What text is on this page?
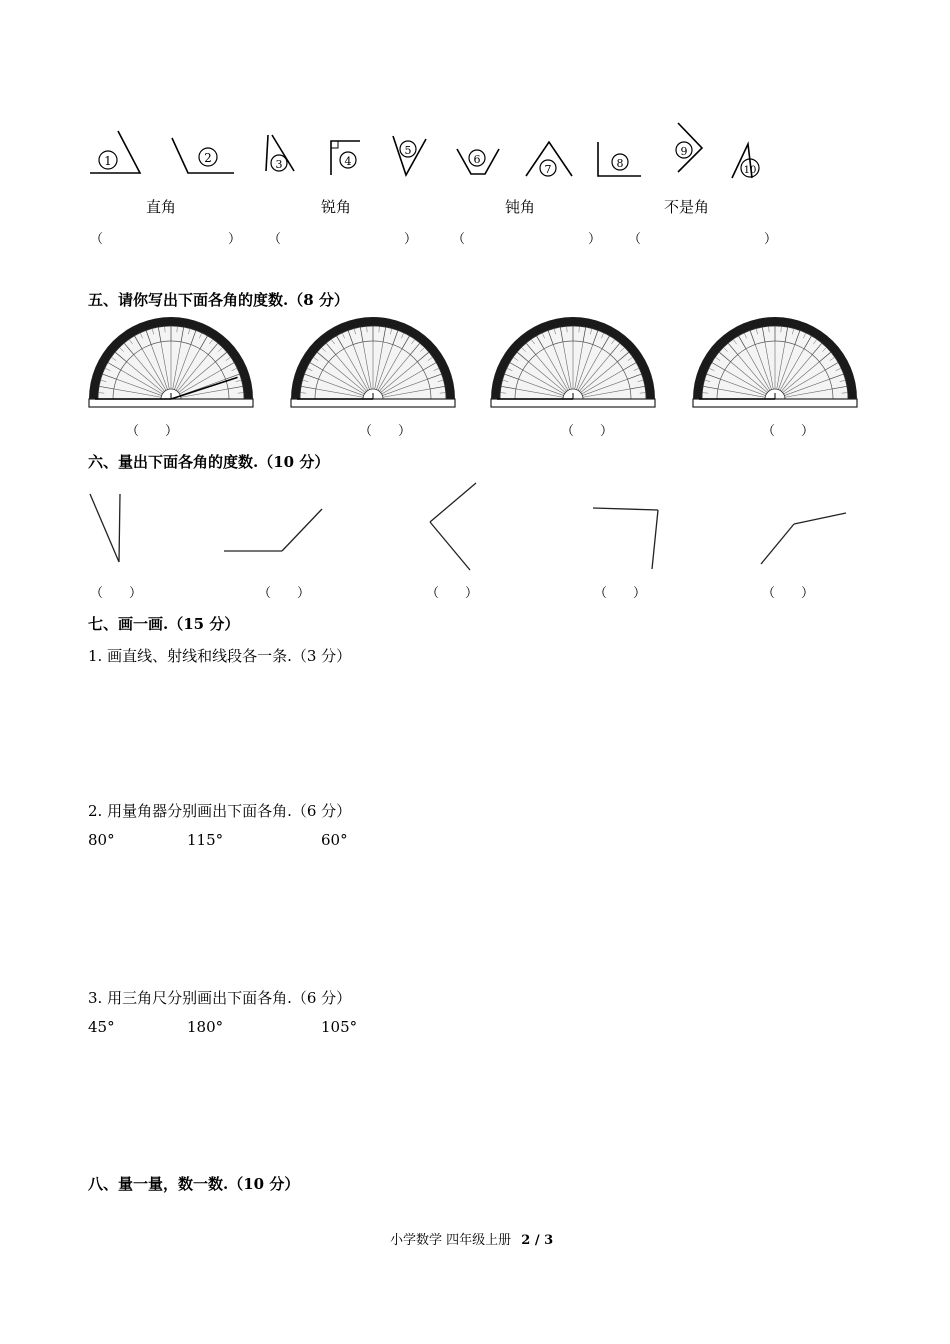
1	2	3	4
5
6
7	8
9
10
直角	锐角	钝角	不是角
（	） （	）	（	） （	）
五、请你写出下面各角的度数.（8 分）
（　　）	（　　）	（　　）	（　　）
六、量出下面各角的度数.（10 分）
（　　）	（　　）	（　　）	（　　）	（　　）
七、画一画.（15 分）
1. 画直线、射线和线段各一条.（3 分）
2. 用量角器分别画出下面各角.（6 分）
80°	115°	60°
3. 用三角尺分别画出下面各角.（6 分）
45°	180°	105°
八、量一量，数一数.（10 分）
小学数学 四年级上册 2 / 3
